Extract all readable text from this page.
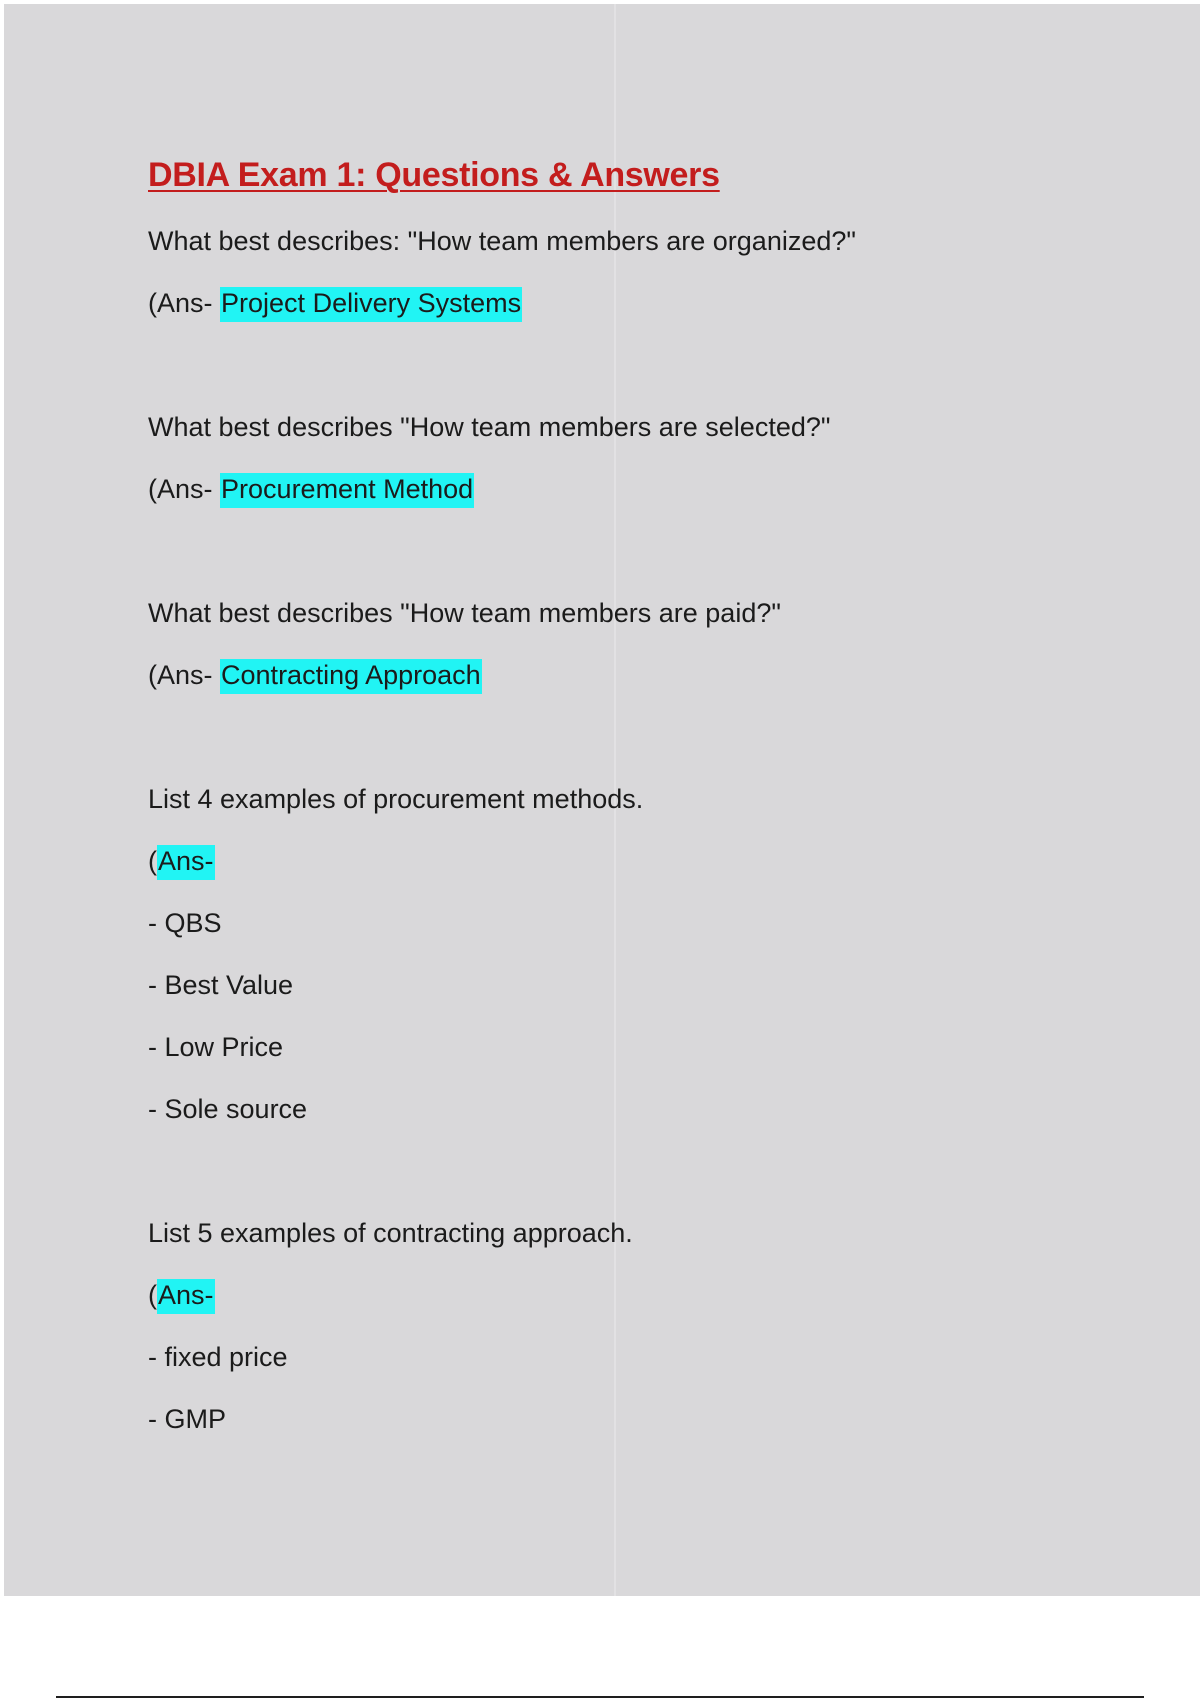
DBIA Exam 1: Questions & Answers
What best describes: "How team members are organized?"
(Ans- Project Delivery Systems
What best describes "How team members are selected?"
(Ans- Procurement Method
What best describes "How team members are paid?"
(Ans- Contracting Approach
List 4 examples of procurement methods.
(Ans-
- QBS
- Best Value
- Low Price
- Sole source
List 5 examples of contracting approach.
(Ans-
- fixed price
- GMP
